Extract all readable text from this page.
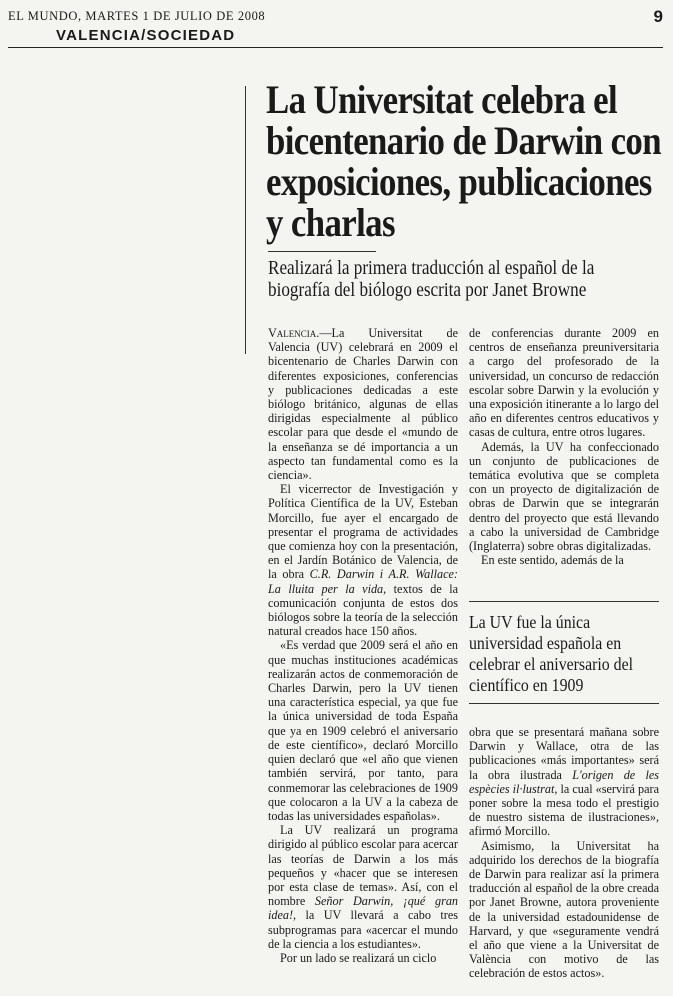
EL MUNDO, MARTES 1 DE JULIO DE 2008	9
VALENCIA/SOCIEDAD
La Universitat celebra el bicentenario de Darwin con exposiciones, publicaciones y charlas
Realizará la primera traducción al español de la biografía del biólogo escrita por Janet Browne

Valencia.—La Universitat de Valencia (UV) celebrará en 2009 el bicentenario de Charles Darwin con diferentes exposiciones, conferencias y publicaciones dedicadas a este biólogo británico, algunas de ellas dirigidas especialmente al público escolar para que desde el «mundo de la enseñanza se dé importancia a un aspecto tan fundamental como es la ciencia».

El vicerrector de Investigación y Política Científica de la UV, Esteban Morcillo, fue ayer el encargado de presentar el programa de actividades que comienza hoy con la presentación, en el Jardín Botánico de Valencia, de la obra C.R. Darwin i A.R. Wallace: La lluita per la vida, textos de la comunicación conjunta de estos dos biólogos sobre la teoría de la selección natural creados hace 150 años.

«Es verdad que 2009 será el año en que muchas instituciones académicas realizarán actos de conmemoración de Charles Darwin, pero la UV tienen una característica especial, ya que fue la única universidad de toda España que ya en 1909 celebró el aniversario de este científico», declaró Morcillo quien declaró que «el año que vienen también servirá, por tanto, para conmemorar las celebraciones de 1909 que colocaron a la UV a la cabeza de todas las universidades españolas».

La UV realizará un programa dirigido al público escolar para acercar las teorías de Darwin a los más pequeños y «hacer que se interesen por esta clase de temas». Así, con el nombre Señor Darwin, ¡qué gran idea!, la UV llevará a cabo tres subprogramas para «acercar el mundo de la ciencia a los estudiantes».

Por un lado se realizará un ciclo

de conferencias durante 2009 en centros de enseñanza preuniversitaria a cargo del profesorado de la universidad, un concurso de redacción escolar sobre Darwin y la evolución y una exposición itinerante a lo largo del año en diferentes centros educativos y casas de cultura, entre otros lugares.

Además, la UV ha confeccionado un conjunto de publicaciones de temática evolutiva que se completa con un proyecto de digitalización de obras de Darwin que se integrarán dentro del proyecto que está llevando a cabo la universidad de Cambridge (Inglaterra) sobre obras digitalizadas.

En este sentido, además de la

La UV fue la única universidad española en celebrar el aniversario del científico en 1909

obra que se presentará mañana sobre Darwin y Wallace, otra de las publicaciones «más importantes» será la obra ilustrada L'origen de les espècies il·lustrat, la cual «servirá para poner sobre la mesa todo el prestigio de nuestro sistema de ilustraciones», afirmó Morcillo.

Asimismo, la Universitat ha adquirido los derechos de la biografía de Darwin para realizar así la primera traducción al español de la obre creada por Janet Browne, autora proveniente de la universidad estadounidense de Harvard, y que «seguramente vendrá el año que viene a la Universitat de València con motivo de las celebración de estos actos».
